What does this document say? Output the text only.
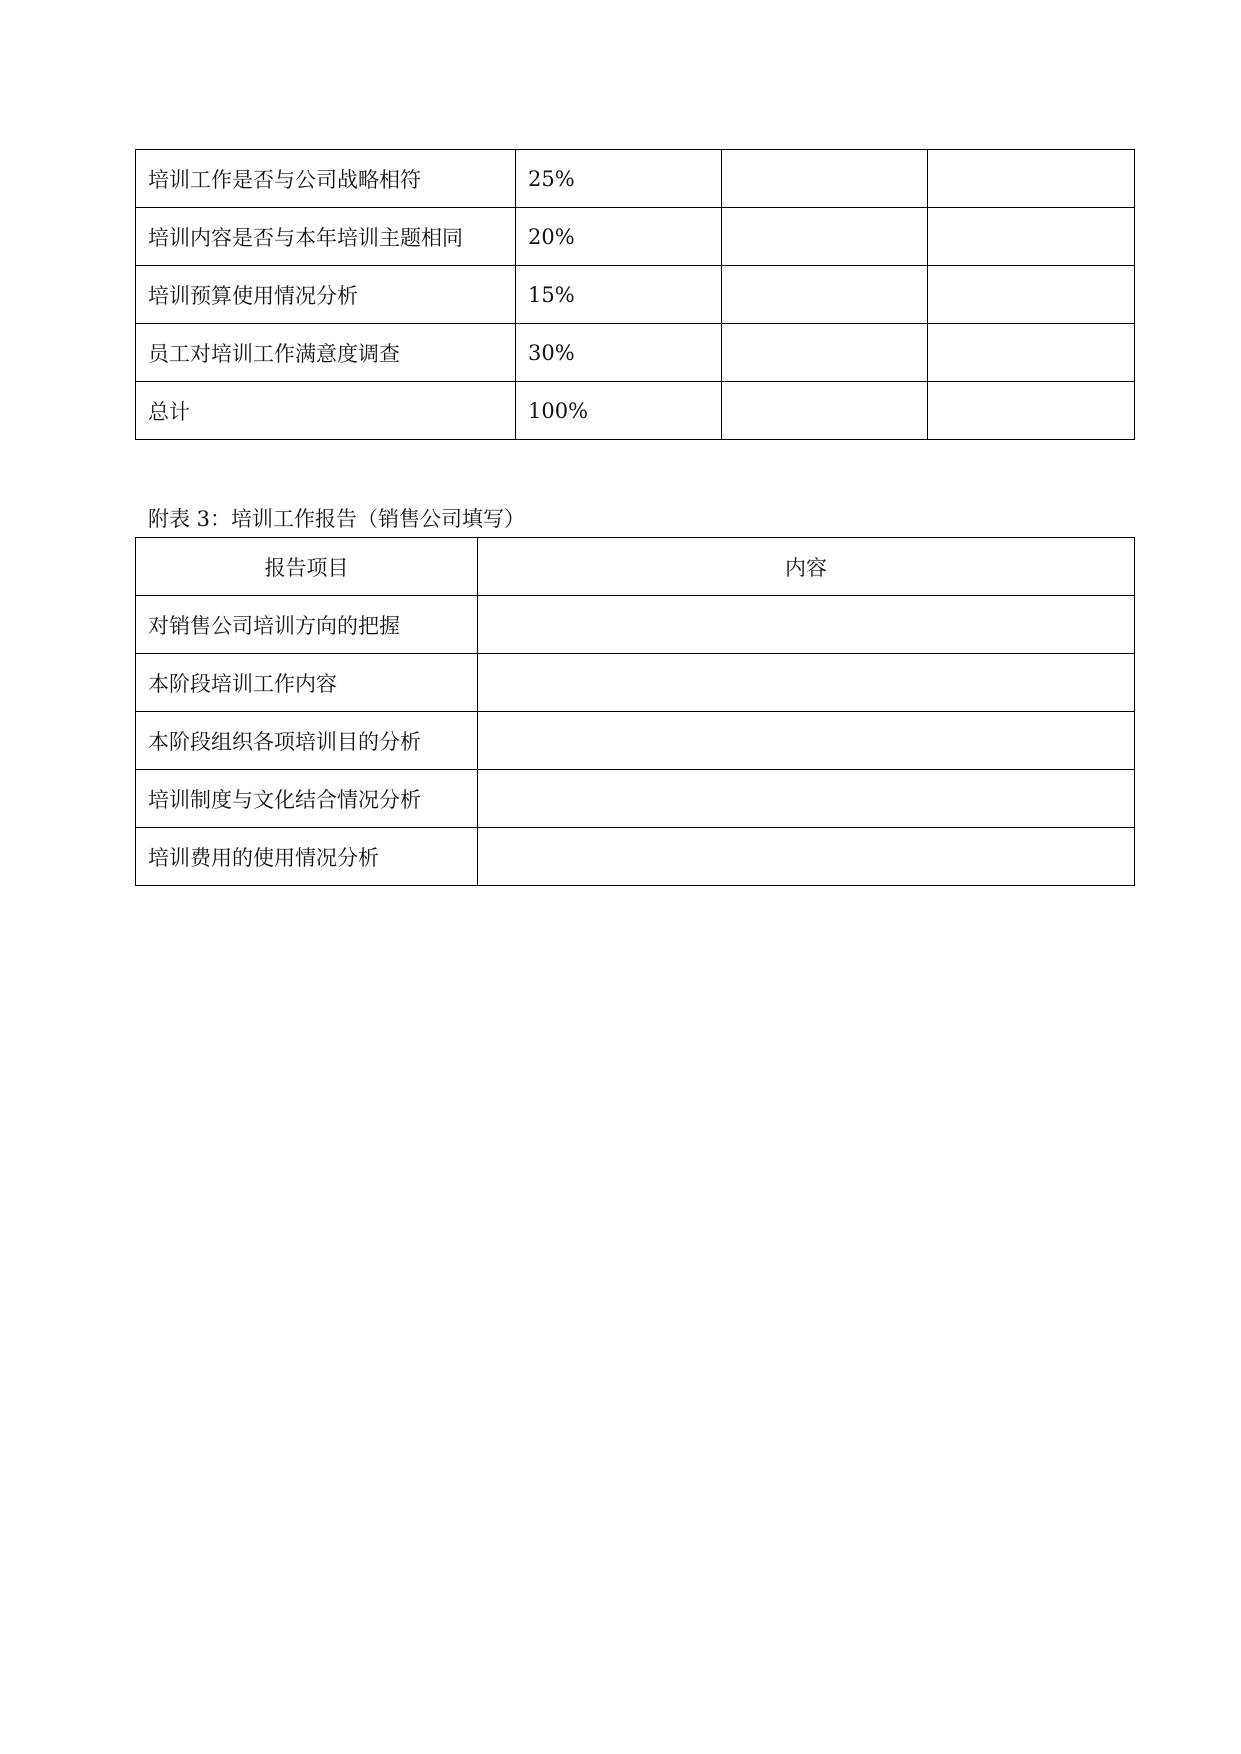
培训工作是否与公司战略相符	25%		
培训内容是否与本年培训主题相同	20%		
培训预算使用情况分析	15%		
员工对培训工作满意度调查	30%		
总计	100%		
附表 3：培训工作报告（销售公司填写）
报告项目	内容
对销售公司培训方向的把握	
本阶段培训工作内容	
本阶段组织各项培训目的分析	
培训制度与文化结合情况分析	
培训费用的使用情况分析	
